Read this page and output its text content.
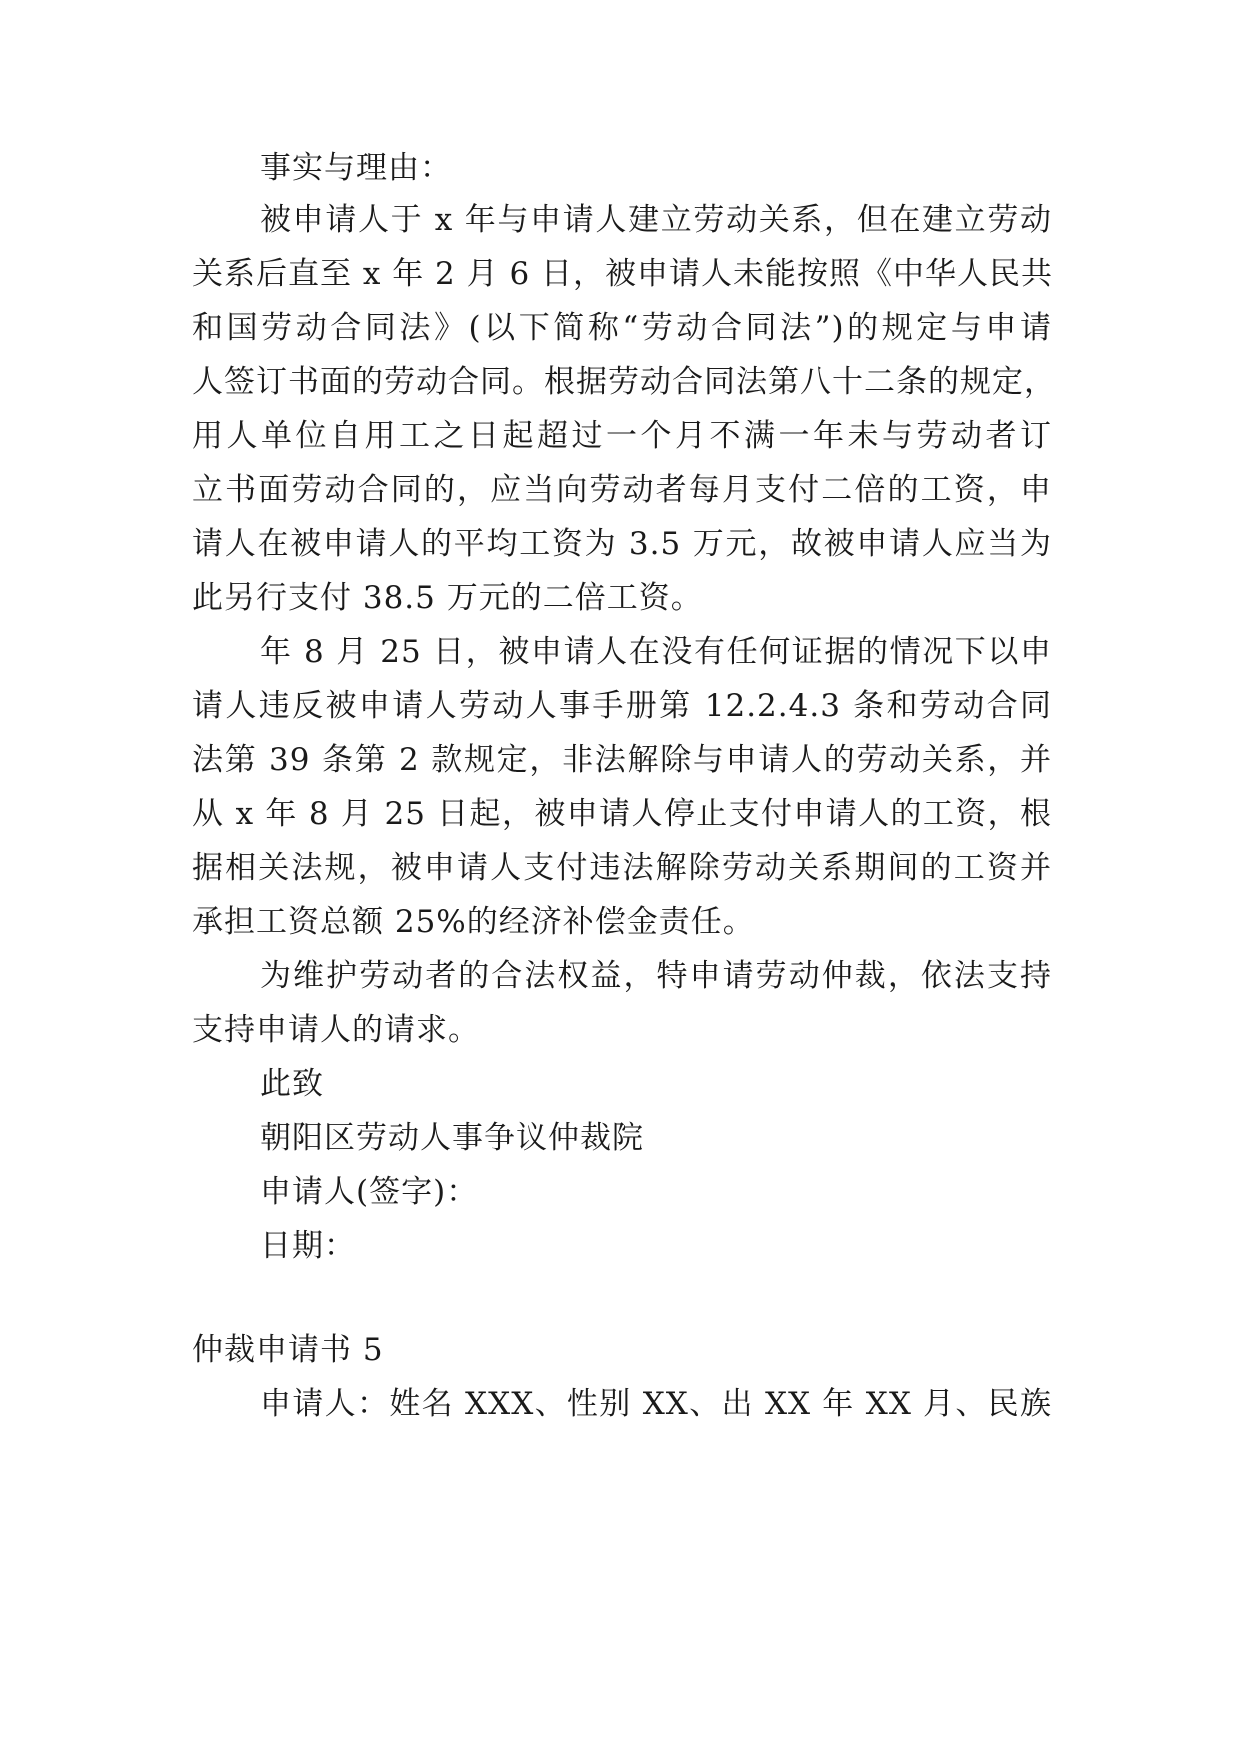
事实与理由：
被申请人于 x 年与申请人建立劳动关系，但在建立劳动
关系后直至 x 年 2 月 6 日，被申请人未能按照《中华人民共
和国劳动合同法》(以下简称“劳动合同法”)的规定与申请
人签订书面的劳动合同。根据劳动合同法第八十二条的规定，
用人单位自用工之日起超过一个月不满一年未与劳动者订
立书面劳动合同的，应当向劳动者每月支付二倍的工资，申
请人在被申请人的平均工资为 3.5 万元，故被申请人应当为
此另行支付 38.5 万元的二倍工资。
年 8 月 25 日，被申请人在没有任何证据的情况下以申
请人违反被申请人劳动人事手册第 12.2.4.3 条和劳动合同
法第 39 条第 2 款规定，非法解除与申请人的劳动关系，并
从 x 年 8 月 25 日起，被申请人停止支付申请人的工资，根
据相关法规，被申请人支付违法解除劳动关系期间的工资并
承担工资总额 25%的经济补偿金责任。
为维护劳动者的合法权益，特申请劳动仲裁，依法支持
支持申请人的请求。
此致
朝阳区劳动人事争议仲裁院
申请人(签字)：
日期：
仲裁申请书 5
申请人：姓名 XXX、性别 XX、出 XX 年 XX 月、民族
